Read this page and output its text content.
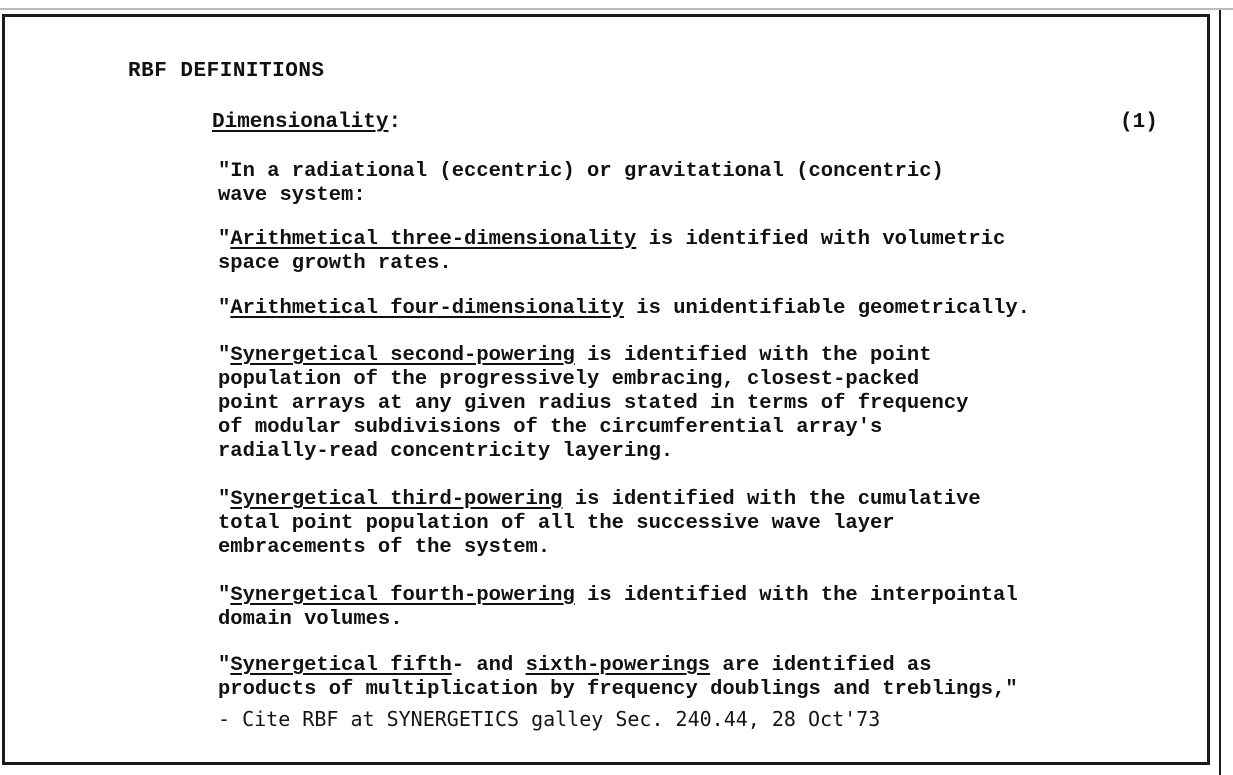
RBF DEFINITIONS
Dimensionality:	(1)
"In a radiational (eccentric) or gravitational (concentric)
wave system:
"Arithmetical three-dimensionality is identified with volumetric
space growth rates.
"Arithmetical four-dimensionality is unidentifiable geometrically.
"Synergetical second-powering is identified with the point
population of the progressively embracing, closest-packed
point arrays at any given radius stated in terms of frequency
of modular subdivisions of the circumferential array's
radially-read concentricity layering.
"Synergetical third-powering is identified with the cumulative
total point population of all the successive wave layer
embracements of the system.
"Synergetical fourth-powering is identified with the interpointal
domain volumes.
"Synergetical fifth- and sixth-powerings are identified as
products of multiplication by frequency doublings and treblings,"
- Cite RBF at SYNERGETICS galley Sec. 240.44, 28 Oct'73
